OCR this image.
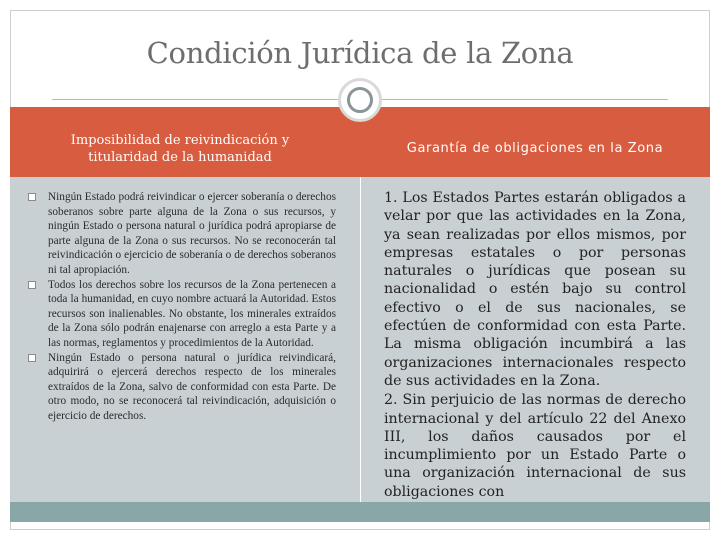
Condición Jurídica de la Zona
Imposibilidad de reivindicación y titularidad de la humanidad
Garantía de obligaciones en la Zona
Ningún Estado podrá reivindicar o ejercer soberanía o derechos soberanos sobre parte alguna de la Zona o sus recursos, y ningún Estado o persona natural o jurídica podrá apropiarse de parte alguna de la Zona o sus recursos. No se reconocerán tal reivindicación o ejercicio de soberanía o de derechos soberanos ni tal apropiación.
Todos los derechos sobre los recursos de la Zona pertenecen a toda la humanidad, en cuyo nombre actuará la Autoridad. Estos recursos son inalienables. No obstante, los minerales extraídos de la Zona sólo podrán enajenarse con arreglo a esta Parte y a las normas, reglamentos y procedimientos de la Autoridad.
Ningún Estado o persona natural o jurídica reivindicará, adquirirá o ejercerá derechos respecto de los minerales extraídos de la Zona, salvo de conformidad con esta Parte. De otro modo, no se reconocerá tal reivindicación, adquisición o ejercicio de derechos.

1. Los Estados Partes estarán obligados a velar por que las actividades en la Zona, ya sean realizadas por ellos mismos, por empresas estatales o por personas naturales o jurídicas que posean su nacionalidad o estén bajo su control efectivo o el de sus nacionales, se efectúen de conformidad con esta Parte. La misma obligación incumbirá a las organizaciones internacionales respecto de sus actividades en la Zona.

2. Sin perjuicio de las normas de derecho internacional y del artículo 22 del Anexo III, los daños causados por el incumplimiento por un Estado Parte o una organización internacional de sus obligaciones con
